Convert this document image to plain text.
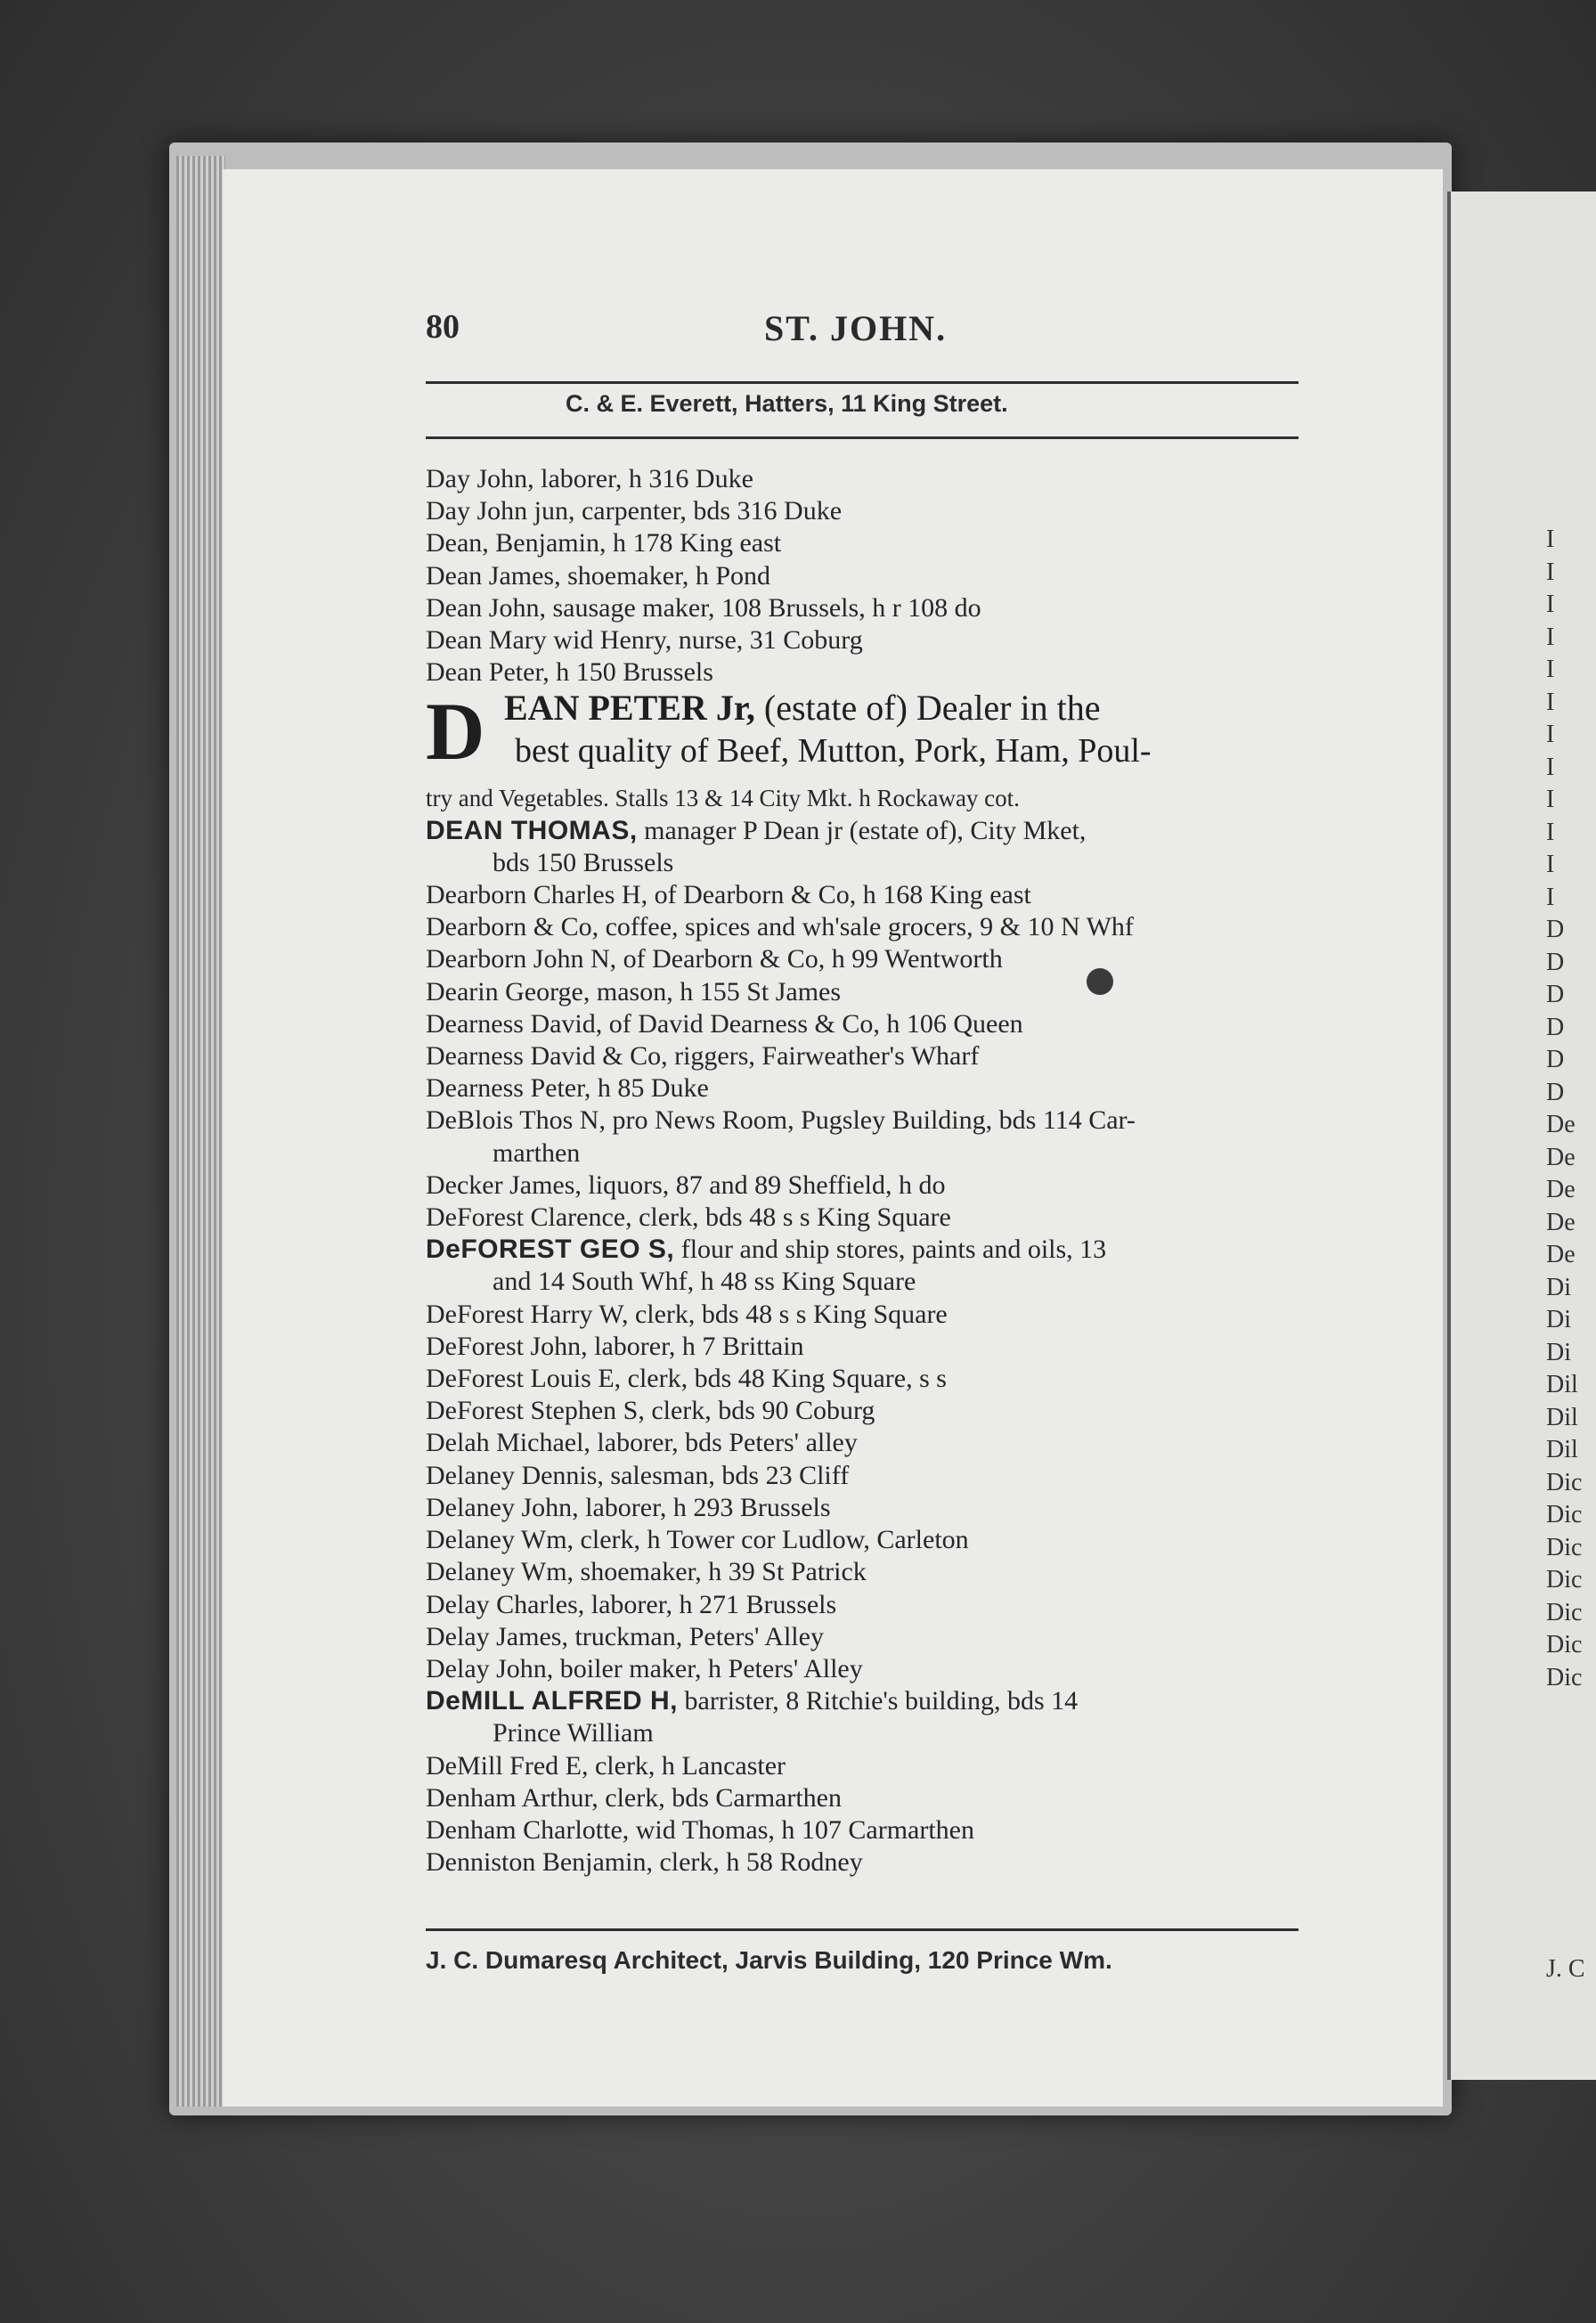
I
I
I
I
I
I
I
I
I
I
I
I
D
D
D
D
D
D
De
De
De
De
De
Di
Di
Di
Dil
Dil
Dil
Dic
Dic
Dic
Dic
Dic
Dic
Dic
J. C
80	ST. JOHN.
C. & E. Everett, Hatters, 11 King Street.
Day John, laborer, h 316 Duke
Day John jun, carpenter, bds 316 Duke
Dean, Benjamin, h 178 King east
Dean James, shoemaker, h Pond
Dean John, sausage maker, 108 Brussels, h r 108 do
Dean Mary wid Henry, nurse, 31 Coburg
Dean Peter, h 150 Brussels
D EAN PETER Jr, (estate of) Dealer in the
best quality of Beef, Mutton, Pork, Ham, Poul-
try and Vegetables. Stalls 13 & 14 City Mkt. h Rockaway cot.
DEAN THOMAS, manager P Dean jr (estate of), City Mket,
bds 150 Brussels
Dearborn Charles H, of Dearborn & Co, h 168 King east
Dearborn & Co, coffee, spices and wh'sale grocers, 9 & 10 N Whf
Dearborn John N, of Dearborn & Co, h 99 Wentworth
Dearin George, mason, h 155 St James
Dearness David, of David Dearness & Co, h 106 Queen
Dearness David & Co, riggers, Fairweather's Wharf
Dearness Peter, h 85 Duke
DeBlois Thos N, pro News Room, Pugsley Building, bds 114 Car-
marthen
Decker James, liquors, 87 and 89 Sheffield, h do
DeForest Clarence, clerk, bds 48 s s King Square
DeFOREST GEO S, flour and ship stores, paints and oils, 13
and 14 South Whf, h 48 ss King Square
DeForest Harry W, clerk, bds 48 s s King Square
DeForest John, laborer, h 7 Brittain
DeForest Louis E, clerk, bds 48 King Square, s s
DeForest Stephen S, clerk, bds 90 Coburg
Delah Michael, laborer, bds Peters' alley
Delaney Dennis, salesman, bds 23 Cliff
Delaney John, laborer, h 293 Brussels
Delaney Wm, clerk, h Tower cor Ludlow, Carleton
Delaney Wm, shoemaker, h 39 St Patrick
Delay Charles, laborer, h 271 Brussels
Delay James, truckman, Peters' Alley
Delay John, boiler maker, h Peters' Alley
DeMILL ALFRED H, barrister, 8 Ritchie's building, bds 14
Prince William
DeMill Fred E, clerk, h Lancaster
Denham Arthur, clerk, bds Carmarthen
Denham Charlotte, wid Thomas, h 107 Carmarthen
Denniston Benjamin, clerk, h 58 Rodney
J. C. Dumaresq Architect, Jarvis Building, 120 Prince Wm.
